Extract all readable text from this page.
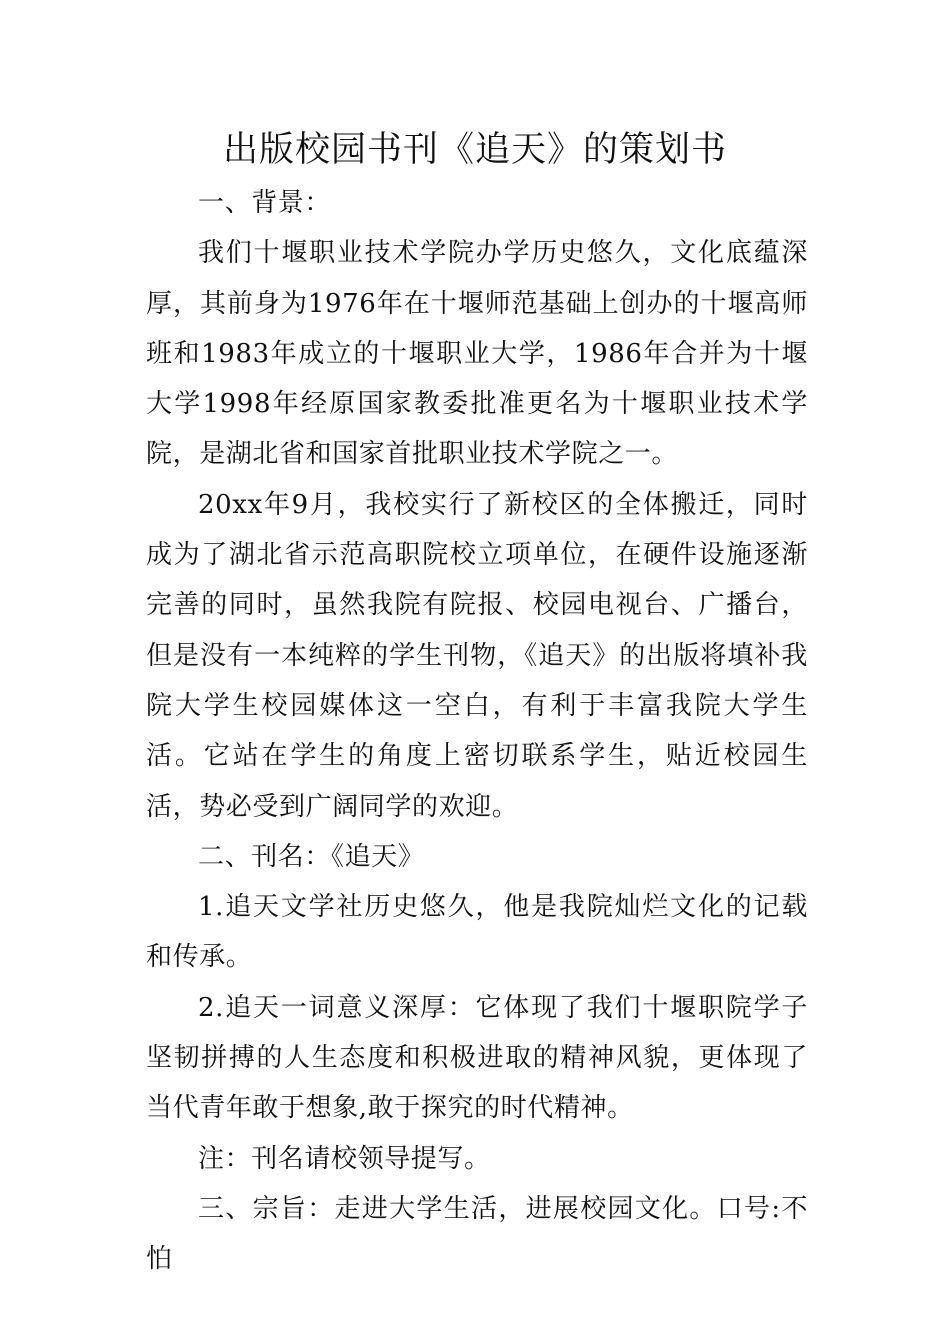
出版校园书刊《追天》的策划书

一、背景：

我们十堰职业技术学院办学历史悠久，文化底蕴深厚，其前身为1976年在十堰师范基础上创办的十堰高师班和1983年成立的十堰职业大学，1986年合并为十堰大学1998年经原国家教委批准更名为十堰职业技术学院，是湖北省和国家首批职业技术学院之一。

20xx年9月，我校实行了新校区的全体搬迁，同时成为了湖北省示范高职院校立项单位，在硬件设施逐渐完善的同时，虽然我院有院报、校园电视台、广播台，但是没有一本纯粹的学生刊物，《追天》的出版将填补我院大学生校园媒体这一空白，有利于丰富我院大学生活。它站在学生的角度上密切联系学生，贴近校园生活，势必受到广阔同学的欢迎。

二、刊名：《追天》

1.追天文学社历史悠久，他是我院灿烂文化的记载和传承。

2.追天一词意义深厚：它体现了我们十堰职院学子坚韧拼搏的人生态度和积极进取的精神风貌，更体现了当代青年敢于想象,敢于探究的时代精神。

注：刊名请校领导提写。

三、宗旨：走进大学生活，进展校园文化。口号:不怕
